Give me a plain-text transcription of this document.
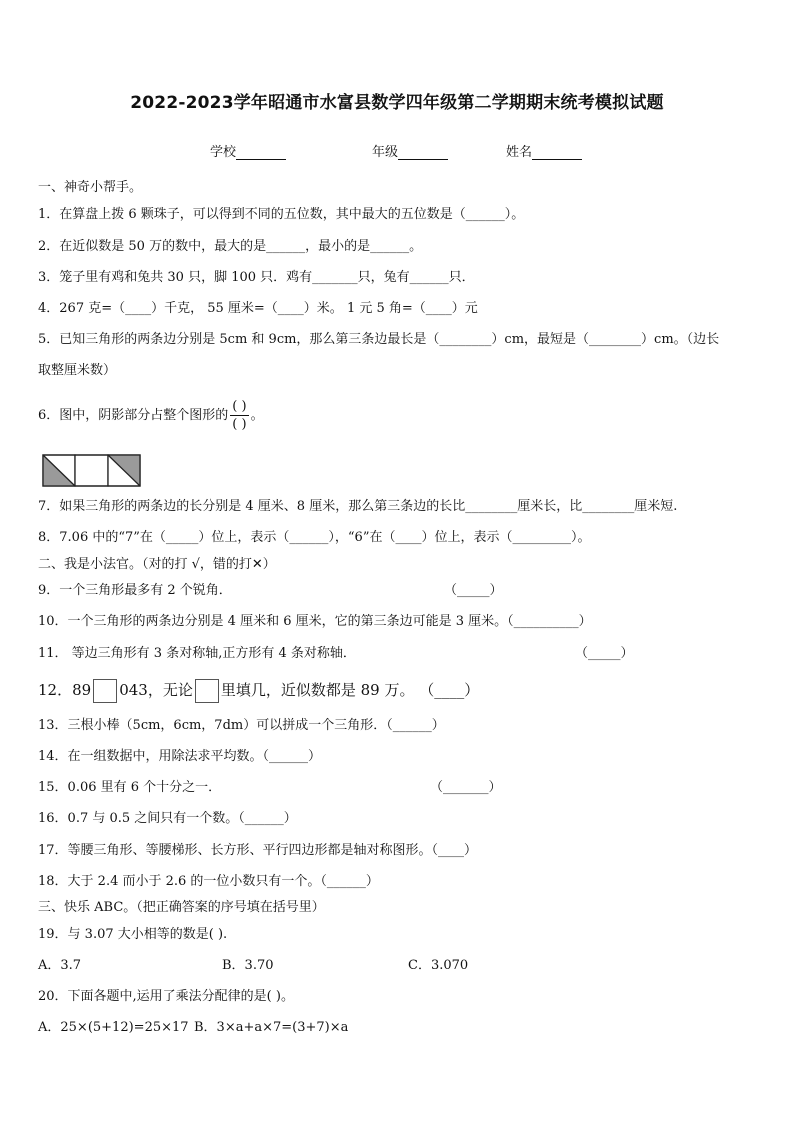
2022-2023学年昭通市水富县数学四年级第二学期期末统考模拟试题
学校	年级	姓名
一、神奇小帮手。
1．在算盘上拨 6 颗珠子，可以得到不同的五位数，其中最大的五位数是（______）。
2．在近似数是 50 万的数中，最大的是______，最小的是______。
3．笼子里有鸡和兔共 30 只，脚 100 只．鸡有_______只，兔有______只．
4．267 克=（____）千克， 55 厘米=（____）米。 1 元 5 角=（____）元
5．已知三角形的两条边分别是 5cm 和 9cm，那么第三条边最长是（________）cm，最短是（________）cm。（边长
取整厘米数）
6．图中，阴影部分占整个图形的 $\frac{( )}{( )}$ 。
7．如果三角形的两条边的长分别是 4 厘米、8 厘米，那么第三条边的长比________厘米长，比________厘米短.
8．7.06 中的“7”在（_____）位上，表示（______），“6”在（____）位上，表示（_________）。
二、我是小法官。（对的打 √，错的打✕）
9．一个三角形最多有 2 个锐角．	（_____）
10．一个三角形的两条边分别是 4 厘米和 6 厘米，它的第三条边可能是 3 厘米。（__________）
11． 等边三角形有 3 条对称轴,正方形有 4 条对称轴．	（_____）
12．89 043，无论 里填几，近似数都是 89 万。 （____）
13．三根小棒（5cm，6cm，7dm）可以拼成一个三角形．（______）
14．在一组数据中，用除法求平均数。（______）
15．0.06 里有 6 个十分之一．	（_______）
16．0.7 与 0.5 之间只有一个数。（______）
17．等腰三角形、等腰梯形、长方形、平行四边形都是轴对称图形。（____）
18．大于 2.4 而小于 2.6 的一位小数只有一个。（______）
三、快乐 ABC。（把正确答案的序号填在括号里）
19．与 3.07 大小相等的数是( ).
A．3.7	B．3.70	C．3.070
20．下面各题中,运用了乘法分配律的是( )。
A．25×(5+12)=25×17 B．3×a+a×7=(3+7)×a
